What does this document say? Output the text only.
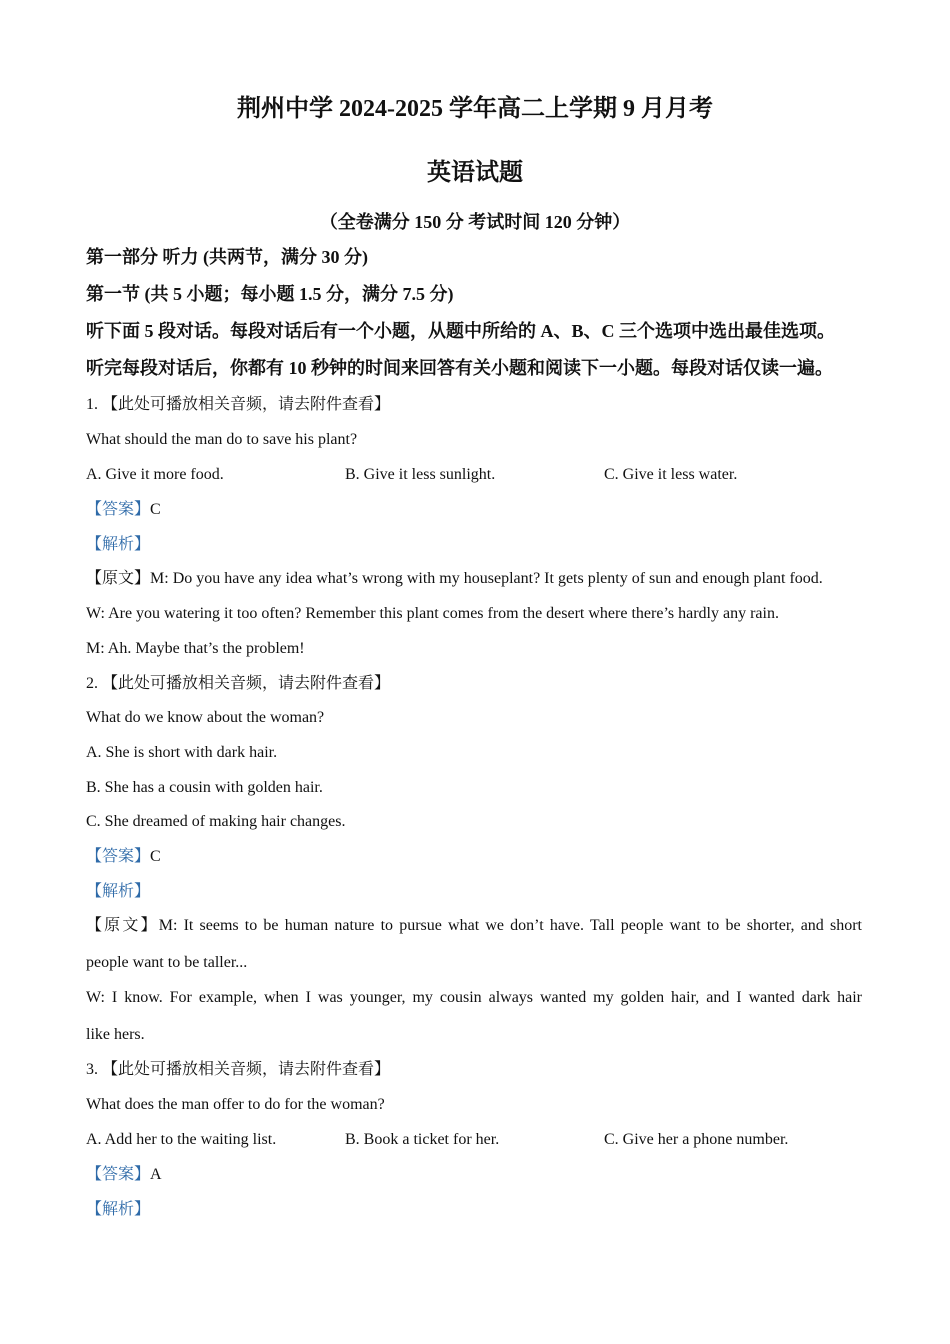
荆州中学 2024-2025 学年高二上学期 9 月月考
英语试题
（全卷满分 150 分 考试时间 120 分钟）
第一部分 听力 (共两节，满分 30 分)
第一节 (共 5 小题；每小题 1.5 分，满分 7.5 分)
听下面 5 段对话。每段对话后有一个小题，从题中所给的 A、B、C 三个选项中选出最佳选项。
听完每段对话后，你都有 10 秒钟的时间来回答有关小题和阅读下一小题。每段对话仅读一遍。
1. 【此处可播放相关音频，请去附件查看】
What should the man do to save his plant?
A. Give it more food.	B. Give it less sunlight.	C. Give it less water.
【答案】C
【解析】
【原文】M: Do you have any idea what’s wrong with my houseplant? It gets plenty of sun and enough plant food.
W: Are you watering it too often? Remember this plant comes from the desert where there’s hardly any rain.
M: Ah. Maybe that’s the problem!
2. 【此处可播放相关音频，请去附件查看】
What do we know about the woman?
A. She is short with dark hair.
B. She has a cousin with golden hair.
C. She dreamed of making hair changes.
【答案】C
【解析】
【原文】M: It seems to be human nature to pursue what we don’t have. Tall people want to be shorter, and short
people want to be taller...
W: I know. For example, when I was younger, my cousin always wanted my golden hair, and I wanted dark hair
like hers.
3. 【此处可播放相关音频，请去附件查看】
What does the man offer to do for the woman?
A. Add her to the waiting list.	B. Book a ticket for her.	C. Give her a phone number.
【答案】A
【解析】
